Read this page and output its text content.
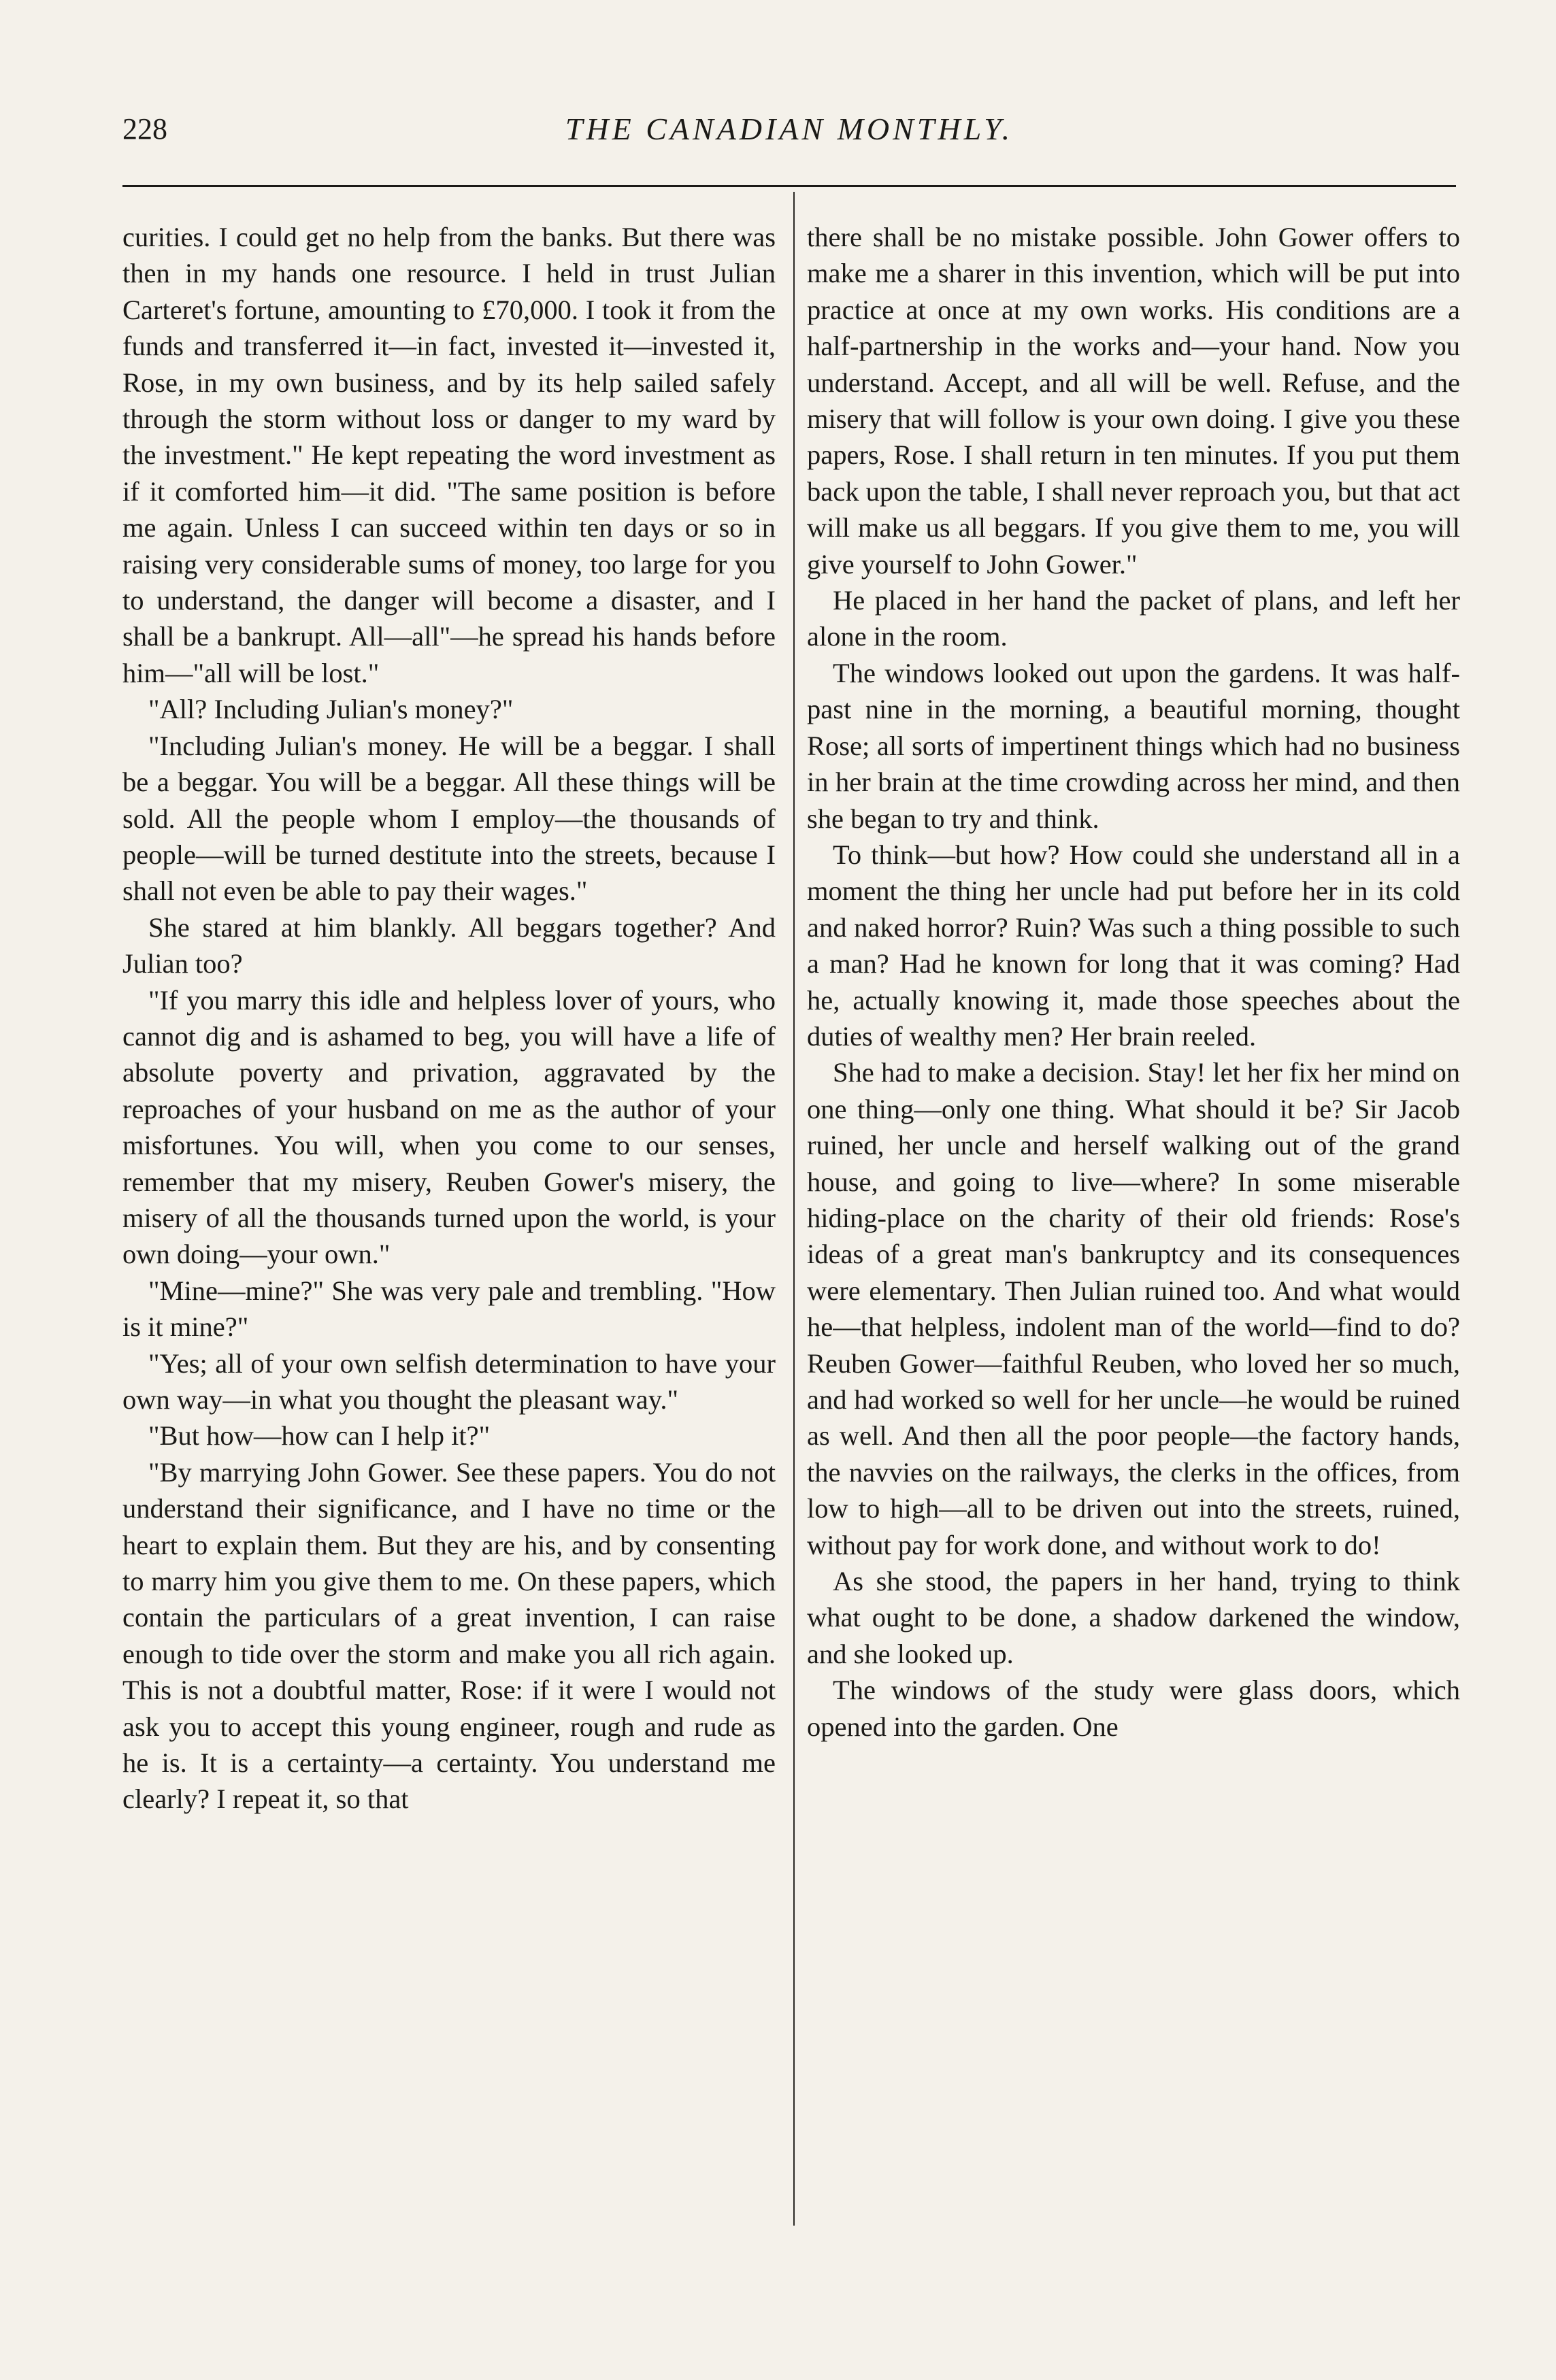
228	THE CANADIAN MONTHLY.

curities. I could get no help from the banks. But there was then in my hands one resource. I held in trust Julian Carteret's fortune, amounting to £70,000. I took it from the funds and transferred it—in fact, invested it—invested it, Rose, in my own business, and by its help sailed safely through the storm without loss or danger to my ward by the investment." He kept repeating the word investment as if it comforted him—it did. "The same position is before me again. Unless I can succeed within ten days or so in raising very considerable sums of money, too large for you to understand, the danger will become a disaster, and I shall be a bankrupt. All—all"—he spread his hands before him—"all will be lost."

"All? Including Julian's money?"

"Including Julian's money. He will be a beggar. I shall be a beggar. You will be a beggar. All these things will be sold. All the people whom I employ—the thousands of people—will be turned destitute into the streets, because I shall not even be able to pay their wages."

She stared at him blankly. All beggars together? And Julian too?

"If you marry this idle and helpless lover of yours, who cannot dig and is ashamed to beg, you will have a life of absolute poverty and privation, aggravated by the reproaches of your husband on me as the author of your misfortunes. You will, when you come to our senses, remember that my misery, Reuben Gower's misery, the misery of all the thousands turned upon the world, is your own doing—your own."

"Mine—mine?" She was very pale and trembling. "How is it mine?"

"Yes; all of your own selfish determination to have your own way—in what you thought the pleasant way."

"But how—how can I help it?"

"By marrying John Gower. See these papers. You do not understand their significance, and I have no time or the heart to explain them. But they are his, and by consenting to marry him you give them to me. On these papers, which contain the particulars of a great invention, I can raise enough to tide over the storm and make you all rich again. This is not a doubtful matter, Rose: if it were I would not ask you to accept this young engineer, rough and rude as he is. It is a certainty—a certainty. You understand me clearly? I repeat it, so that

there shall be no mistake possible. John Gower offers to make me a sharer in this invention, which will be put into practice at once at my own works. His conditions are a half-partnership in the works and—your hand. Now you understand. Accept, and all will be well. Refuse, and the misery that will follow is your own doing. I give you these papers, Rose. I shall return in ten minutes. If you put them back upon the table, I shall never reproach you, but that act will make us all beggars. If you give them to me, you will give yourself to John Gower."

He placed in her hand the packet of plans, and left her alone in the room.

The windows looked out upon the gardens. It was half-past nine in the morning, a beautiful morning, thought Rose; all sorts of impertinent things which had no business in her brain at the time crowding across her mind, and then she began to try and think.

To think—but how? How could she understand all in a moment the thing her uncle had put before her in its cold and naked horror? Ruin? Was such a thing possible to such a man? Had he known for long that it was coming? Had he, actually knowing it, made those speeches about the duties of wealthy men? Her brain reeled.

She had to make a decision. Stay! let her fix her mind on one thing—only one thing. What should it be? Sir Jacob ruined, her uncle and herself walking out of the grand house, and going to live—where? In some miserable hiding-place on the charity of their old friends: Rose's ideas of a great man's bankruptcy and its consequences were elementary. Then Julian ruined too. And what would he—that helpless, indolent man of the world—find to do? Reuben Gower—faithful Reuben, who loved her so much, and had worked so well for her uncle—he would be ruined as well. And then all the poor people—the factory hands, the navvies on the railways, the clerks in the offices, from low to high—all to be driven out into the streets, ruined, without pay for work done, and without work to do!

As she stood, the papers in her hand, trying to think what ought to be done, a shadow darkened the window, and she looked up.

The windows of the study were glass doors, which opened into the garden. One
